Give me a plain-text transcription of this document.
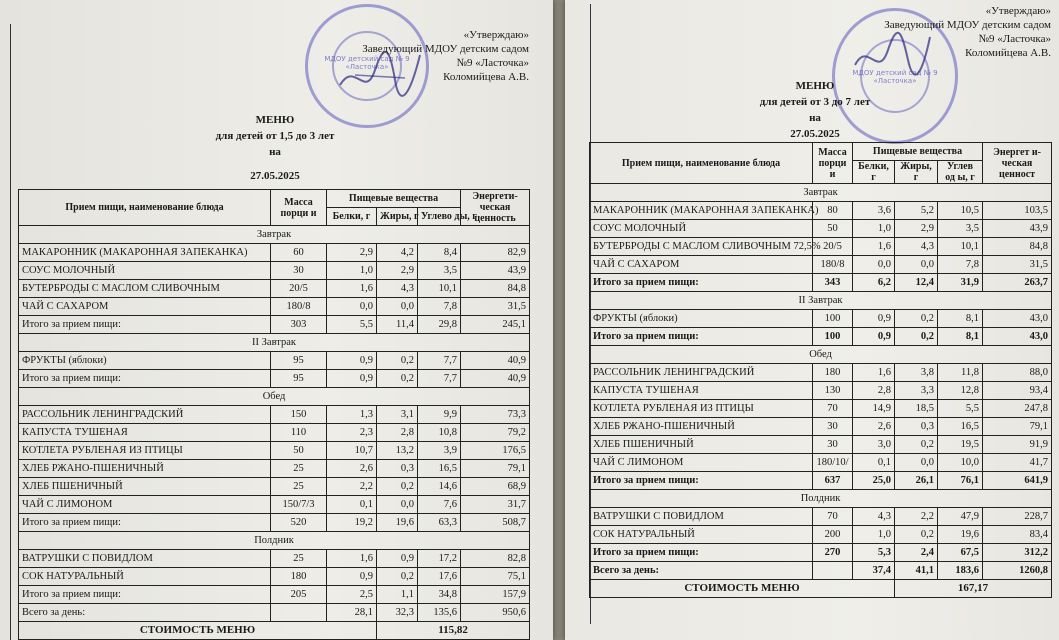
МДОУ детский сад № 9 «Ласточка»
«Утверждаю»
Заведующий МДОУ детским садом
№9 «Ласточка»
Коломийцева А.В.
МЕНЮ
для детей от 1,5 до 3 лет
на
27.05.2025
Прием пищи, наименование блюда	Масса порци и	Пищевые вещества			Энергети- ческая ценность
		Белки, г	Жиры, г	Углево ды, г	
Завтрак					
МАКАРОННИК (МАКАРОННАЯ ЗАПЕКАНКА)	60	2,9	4,2	8,4	82,9
СОУС МОЛОЧНЫЙ	30	1,0	2,9	3,5	43,9
БУТЕРБРОДЫ С МАСЛОМ СЛИВОЧНЫМ	20/5	1,6	4,3	10,1	84,8
ЧАЙ С САХАРОМ	180/8	0,0	0,0	7,8	31,5
Итого за прием пищи:	303	5,5	11,4	29,8	245,1
II Завтрак					
ФРУКТЫ (яблоки)	95	0,9	0,2	7,7	40,9
Итого за прием пищи:	95	0,9	0,2	7,7	40,9
Обед					
РАССОЛЬНИК ЛЕНИНГРАДСКИЙ	150	1,3	3,1	9,9	73,3
КАПУСТА ТУШЕНАЯ	110	2,3	2,8	10,8	79,2
КОТЛЕТА РУБЛЕНАЯ ИЗ ПТИЦЫ	50	10,7	13,2	3,9	176,5
ХЛЕБ РЖАНО-ПШЕНИЧНЫЙ	25	2,6	0,3	16,5	79,1
ХЛЕБ ПШЕНИЧНЫЙ	25	2,2	0,2	14,6	68,9
ЧАЙ С ЛИМОНОМ	150/7/3	0,1	0,0	7,6	31,7
Итого за прием пищи:	520	19,2	19,6	63,3	508,7
Полдник					
ВАТРУШКИ С ПОВИДЛОМ	25	1,6	0,9	17,2	82,8
СОК НАТУРАЛЬНЫЙ	180	0,9	0,2	17,6	75,1
Итого за прием пищи:	205	2,5	1,1	34,8	157,9
Всего за день:		28,1	32,3	135,6	950,6
СТОИМОСТЬ МЕНЮ			115,82		
МДОУ детский сад № 9 «Ласточка»
«Утверждаю»
Заведующий МДОУ детским садом
№9 «Ласточка»
Коломийцева А.В.
МЕНЮ
для детей от 3 до 7 лет
на
27.05.2025
Прием пищи, наименование блюда	Масса порци и	Пищевые вещества			Энергет и- ческая ценност
		Белки, г	Жиры, г	Углев од ы, г	
Завтрак					
МАКАРОННИК (МАКАРОННАЯ ЗАПЕКАНКА)	80	3,6	5,2	10,5	103,5
СОУС МОЛОЧНЫЙ	50	1,0	2,9	3,5	43,9
БУТЕРБРОДЫ С МАСЛОМ СЛИВОЧНЫМ 72,5%	20/5	1,6	4,3	10,1	84,8
ЧАЙ С САХАРОМ	180/8	0,0	0,0	7,8	31,5
Итого за прием пищи:	343	6,2	12,4	31,9	263,7
II Завтрак					
ФРУКТЫ (яблоки)	100	0,9	0,2	8,1	43,0
Итого за прием пищи:	100	0,9	0,2	8,1	43,0
Обед					
РАССОЛЬНИК ЛЕНИНГРАДСКИЙ	180	1,6	3,8	11,8	88,0
КАПУСТА ТУШЕНАЯ	130	2,8	3,3	12,8	93,4
КОТЛЕТА РУБЛЕНАЯ ИЗ ПТИЦЫ	70	14,9	18,5	5,5	247,8
ХЛЕБ РЖАНО-ПШЕНИЧНЫЙ	30	2,6	0,3	16,5	79,1
ХЛЕБ ПШЕНИЧНЫЙ	30	3,0	0,2	19,5	91,9
ЧАЙ С ЛИМОНОМ	180/10/	0,1	0,0	10,0	41,7
Итого за прием пищи:	637	25,0	26,1	76,1	641,9
Полдник					
ВАТРУШКИ С ПОВИДЛОМ	70	4,3	2,2	47,9	228,7
СОК НАТУРАЛЬНЫЙ	200	1,0	0,2	19,6	83,4
Итого за прием пищи:	270	5,3	2,4	67,5	312,2
Всего за день:		37,4	41,1	183,6	1260,8
СТОИМОСТЬ МЕНЮ			167,17		
